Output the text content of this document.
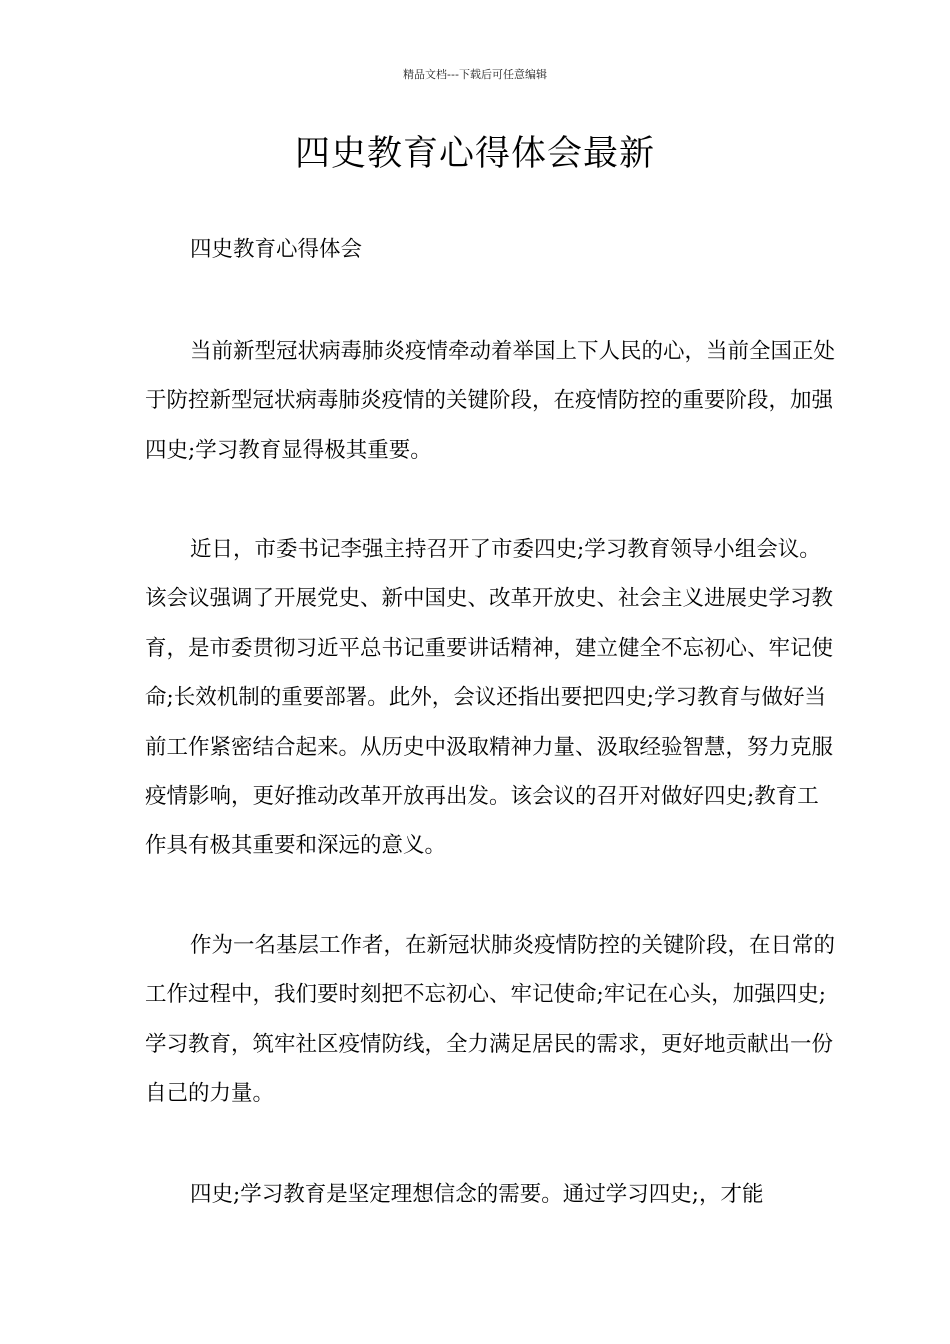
精品文档---下载后可任意编辑
四史教育心得体会最新
四史教育心得体会

当前新型冠状病毒肺炎疫情牵动着举国上下人民的心，当前全国正处于防控新型冠状病毒肺炎疫情的关键阶段，在疫情防控的重要阶段，加强四史;学习教育显得极其重要。

近日，市委书记李强主持召开了市委四史;学习教育领导小组会议。该会议强调了开展党史、新中国史、改革开放史、社会主义进展史学习教育，是市委贯彻习近平总书记重要讲话精神，建立健全不忘初心、牢记使命;长效机制的重要部署。此外，会议还指出要把四史;学习教育与做好当前工作紧密结合起来。从历史中汲取精神力量、汲取经验智慧，努力克服疫情影响，更好推动改革开放再出发。该会议的召开对做好四史;教育工作具有极其重要和深远的意义。

作为一名基层工作者，在新冠状肺炎疫情防控的关键阶段，在日常的工作过程中，我们要时刻把不忘初心、牢记使命;牢记在心头，加强四史;学习教育，筑牢社区疫情防线，全力满足居民的需求，更好地贡献出一份自己的力量。

四史;学习教育是坚定理想信念的需要。通过学习四史;，才能
